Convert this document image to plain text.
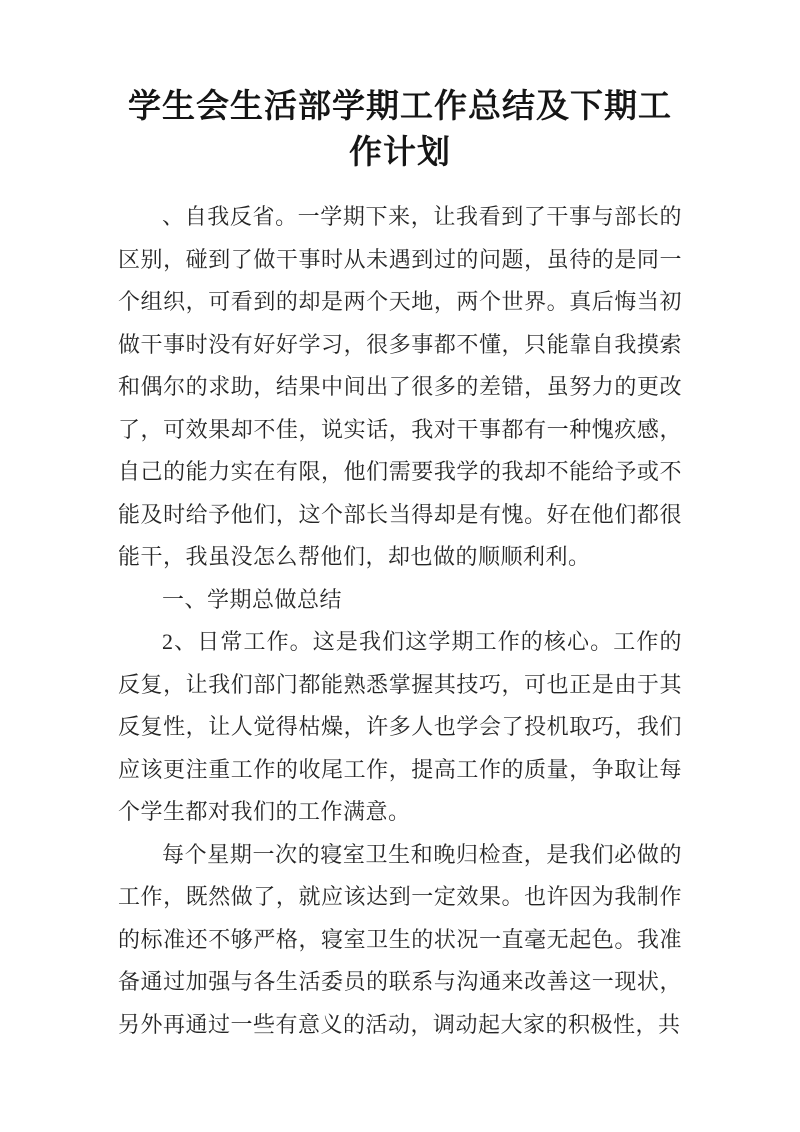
学生会生活部学期工作总结及下期工作计划

、自我反省。一学期下来，让我看到了干事与部长的区别，碰到了做干事时从未遇到过的问题，虽待的是同一个组织，可看到的却是两个天地，两个世界。真后悔当初做干事时没有好好学习，很多事都不懂，只能靠自我摸索和偶尔的求助，结果中间出了很多的差错，虽努力的更改了，可效果却不佳，说实话，我对干事都有一种愧疚感，自己的能力实在有限，他们需要我学的我却不能给予或不能及时给予他们，这个部长当得却是有愧。好在他们都很能干，我虽没怎么帮他们，却也做的顺顺利利。

一、学期总做总结

2、日常工作。这是我们这学期工作的核心。工作的反复，让我们部门都能熟悉掌握其技巧，可也正是由于其反复性，让人觉得枯燥，许多人也学会了投机取巧，我们应该更注重工作的收尾工作，提高工作的质量，争取让每个学生都对我们的工作满意。

每个星期一次的寝室卫生和晚归检查，是我们必做的工作，既然做了，就应该达到一定效果。也许因为我制作的标准还不够严格，寝室卫生的状况一直毫无起色。我准备通过加强与各生活委员的联系与沟通来改善这一现状，另外再通过一些有意义的活动，调动起大家的积极性，共
